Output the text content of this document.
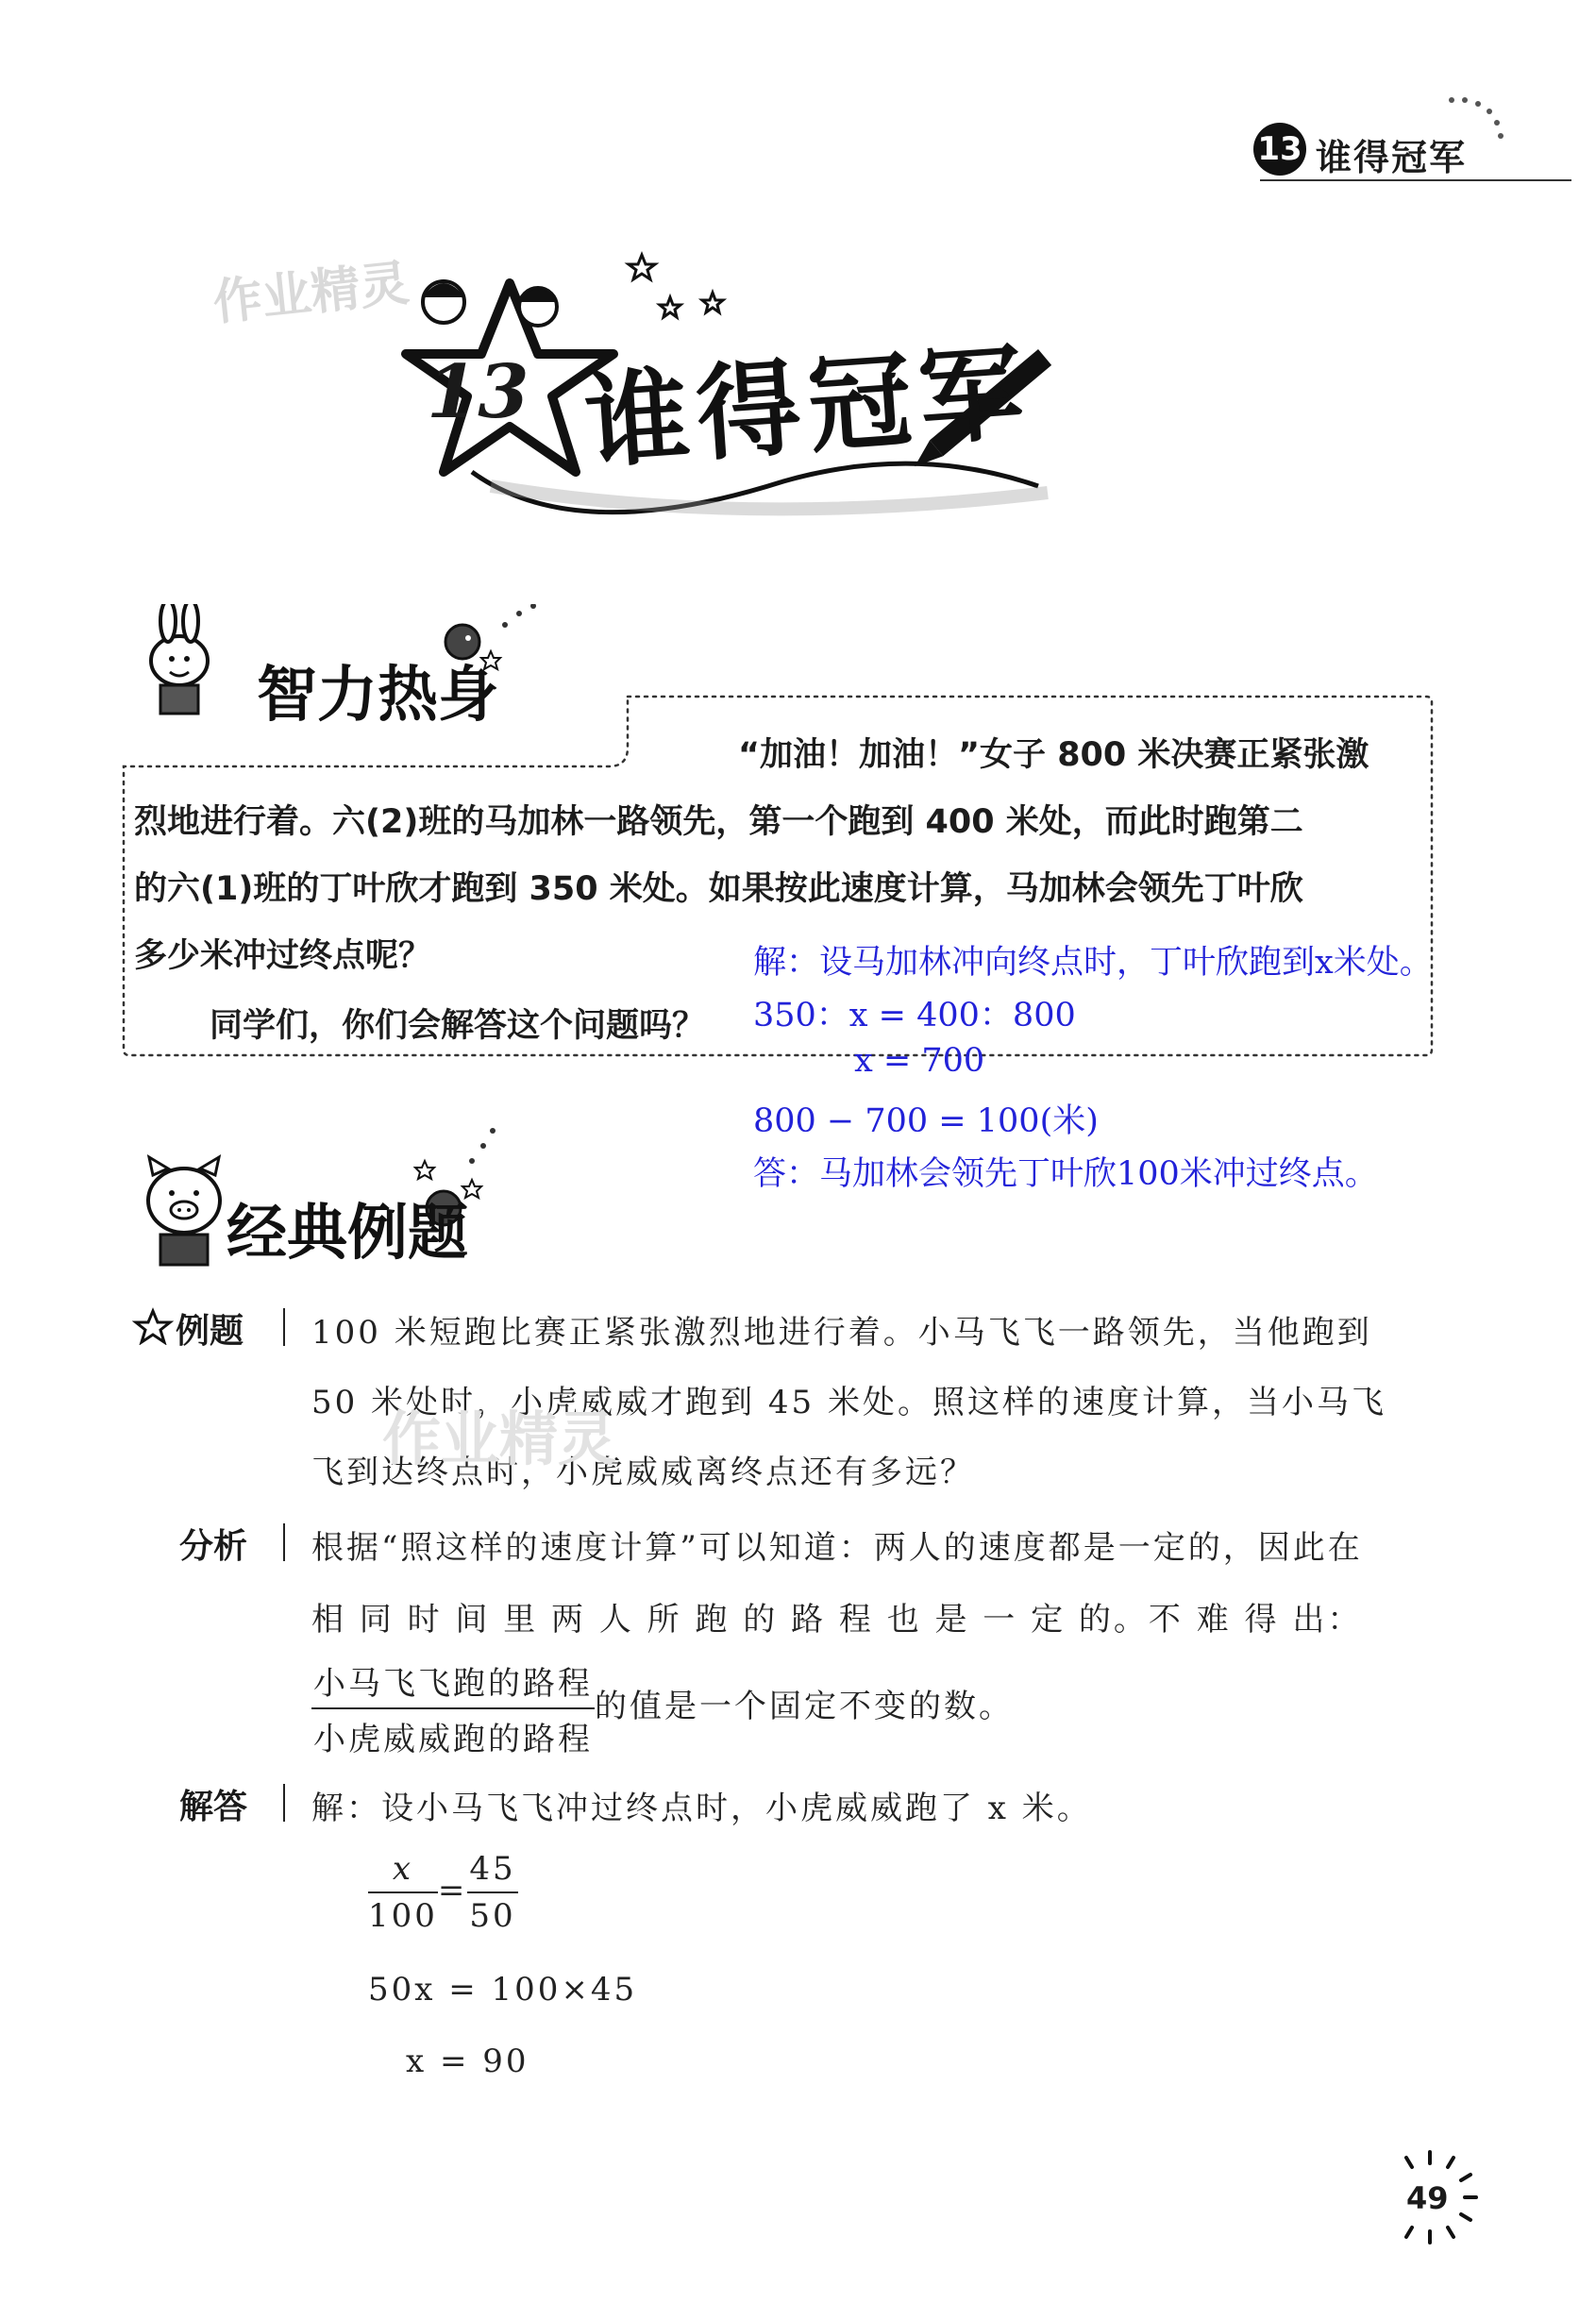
13 谁得冠军
作业精灵
13 谁得冠军
智力热身
“加油！加油！”女子 800 米决赛正紧张激
烈地进行着。六(2)班的马加林一路领先，第一个跑到 400 米处，而此时跑第二
的六(1)班的丁叶欣才跑到 350 米处。如果按此速度计算，马加林会领先丁叶欣
多少米冲过终点呢？
同学们，你们会解答这个问题吗？
解：设马加林冲向终点时，丁叶欣跑到x米处。
350：x = 400：800
x = 700
800 − 700 = 100(米)
答：马加林会领先丁叶欣100米冲过终点。
经典例题
例题 100 米短跑比赛正紧张激烈地进行着。小马飞飞一路领先，当他跑到
50 米处时，小虎威威才跑到 45 米处。照这样的速度计算，当小马飞
飞到达终点时，小虎威威离终点还有多远？
作业精灵
分析 根据“照这样的速度计算”可以知道：两人的速度都是一定的，因此在
相 同 时 间 里 两 人 所 跑 的 路 程 也 是 一 定 的。不 难 得 出：
$\frac{\text{小马飞飞跑的路程}}{\text{小虎威威跑的路程}}$ 的值是一个固定不变的数。
解答 解：设小马飞飞冲过终点时，小虎威威跑了 x 米。
$\frac{x}{100} = \frac{45}{50}$
50x = 100×45
x = 90
49
